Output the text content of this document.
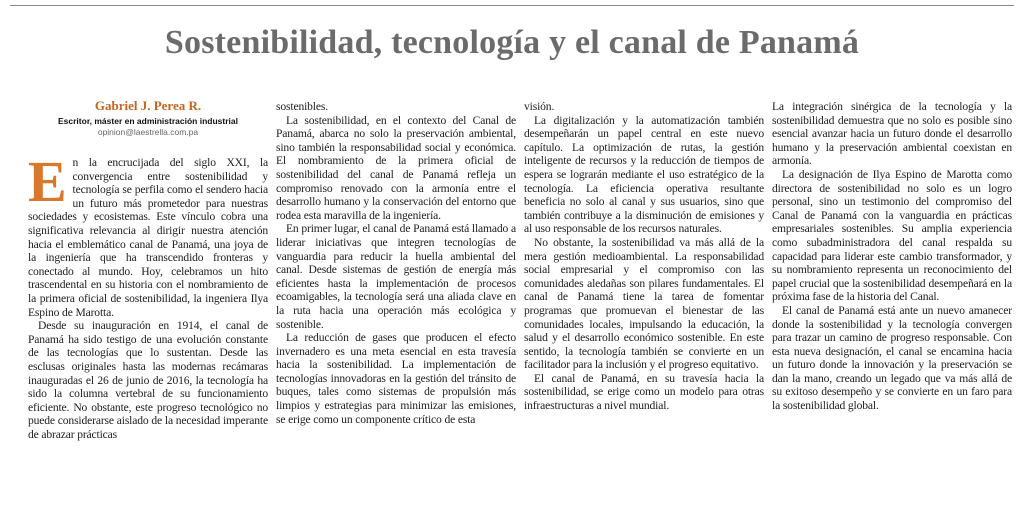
Sostenibilidad, tecnología y el canal de Panamá
Gabriel J. Perea R.
Escritor, máster en administración industrial
opinion@laestrella.com.pa

En la encrucijada del siglo XXI, la convergencia entre sostenibilidad y tecnología se perfila como el sendero hacia un futuro más prometedor para nuestras sociedades y ecosistemas. Este vínculo cobra una significativa relevancia al dirigir nuestra atención hacia el emblemático canal de Panamá, una joya de la ingeniería que ha transcendido fronteras y conectado al mundo. Hoy, celebramos un hito trascendental en su historia con el nombramiento de la primera oficial de sostenibilidad, la ingeniera Ilya Espino de Marotta.

Desde su inauguración en 1914, el canal de Panamá ha sido testigo de una evolución constante de las tecnologías que lo sustentan. Desde las esclusas originales hasta las modernas recámaras inauguradas el 26 de junio de 2016, la tecnología ha sido la columna vertebral de su funcionamiento eficiente. No obstante, este progreso tecnológico no puede considerarse aislado de la necesidad imperante de abrazar prácticas

sostenibles.

La sostenibilidad, en el contexto del Canal de Panamá, abarca no solo la preservación ambiental, sino también la responsabilidad social y económica. El nombramiento de la primera oficial de sostenibilidad del canal de Panamá refleja un compromiso renovado con la armonía entre el desarrollo humano y la conservación del entorno que rodea esta maravilla de la ingeniería.

En primer lugar, el canal de Panamá está llamado a liderar iniciativas que integren tecnologías de vanguardia para reducir la huella ambiental del canal. Desde sistemas de gestión de energía más eficientes hasta la implementación de procesos ecoamigables, la tecnología será una aliada clave en la ruta hacia una operación más ecológica y sostenible.

La reducción de gases que producen el efecto invernadero es una meta esencial en esta travesía hacia la sostenibilidad. La implementación de tecnologías innovadoras en la gestión del tránsito de buques, tales como sistemas de propulsión más limpios y estrategias para minimizar las emisiones, se erige como un componente crítico de esta

visión.

La digitalización y la automatización también desempeñarán un papel central en este nuevo capítulo. La optimización de rutas, la gestión inteligente de recursos y la reducción de tiempos de espera se lograrán mediante el uso estratégico de la tecnología. La eficiencia operativa resultante beneficia no solo al canal y sus usuarios, sino que también contribuye a la disminución de emisiones y al uso responsable de los recursos naturales.

No obstante, la sostenibilidad va más allá de la mera gestión medioambiental. La responsabilidad social empresarial y el compromiso con las comunidades aledañas son pilares fundamentales. El canal de Panamá tiene la tarea de fomentar programas que promuevan el bienestar de las comunidades locales, impulsando la educación, la salud y el desarrollo económico sostenible. En este sentido, la tecnología también se convierte en un facilitador para la inclusión y el progreso equitativo.

El canal de Panamá, en su travesía hacia la sostenibilidad, se erige como un modelo para otras infraestructuras a nivel mundial.

La integración sinérgica de la tecnología y la sostenibilidad demuestra que no solo es posible sino esencial avanzar hacia un futuro donde el desarrollo humano y la preservación ambiental coexistan en armonía.

La designación de Ilya Espino de Marotta como directora de sostenibilidad no solo es un logro personal, sino un testimonio del compromiso del Canal de Panamá con la vanguardia en prácticas empresariales sostenibles. Su amplia experiencia como subadministradora del canal respalda su capacidad para liderar este cambio transformador, y su nombramiento representa un reconocimiento del papel crucial que la sostenibilidad desempeñará en la próxima fase de la historia del Canal.

El canal de Panamá está ante un nuevo amanecer donde la sostenibilidad y la tecnología convergen para trazar un camino de progreso responsable. Con esta nueva designación, el canal se encamina hacia un futuro donde la innovación y la preservación se dan la mano, creando un legado que va más allá de su exitoso desempeño y se convierte en un faro para la sostenibilidad global.
